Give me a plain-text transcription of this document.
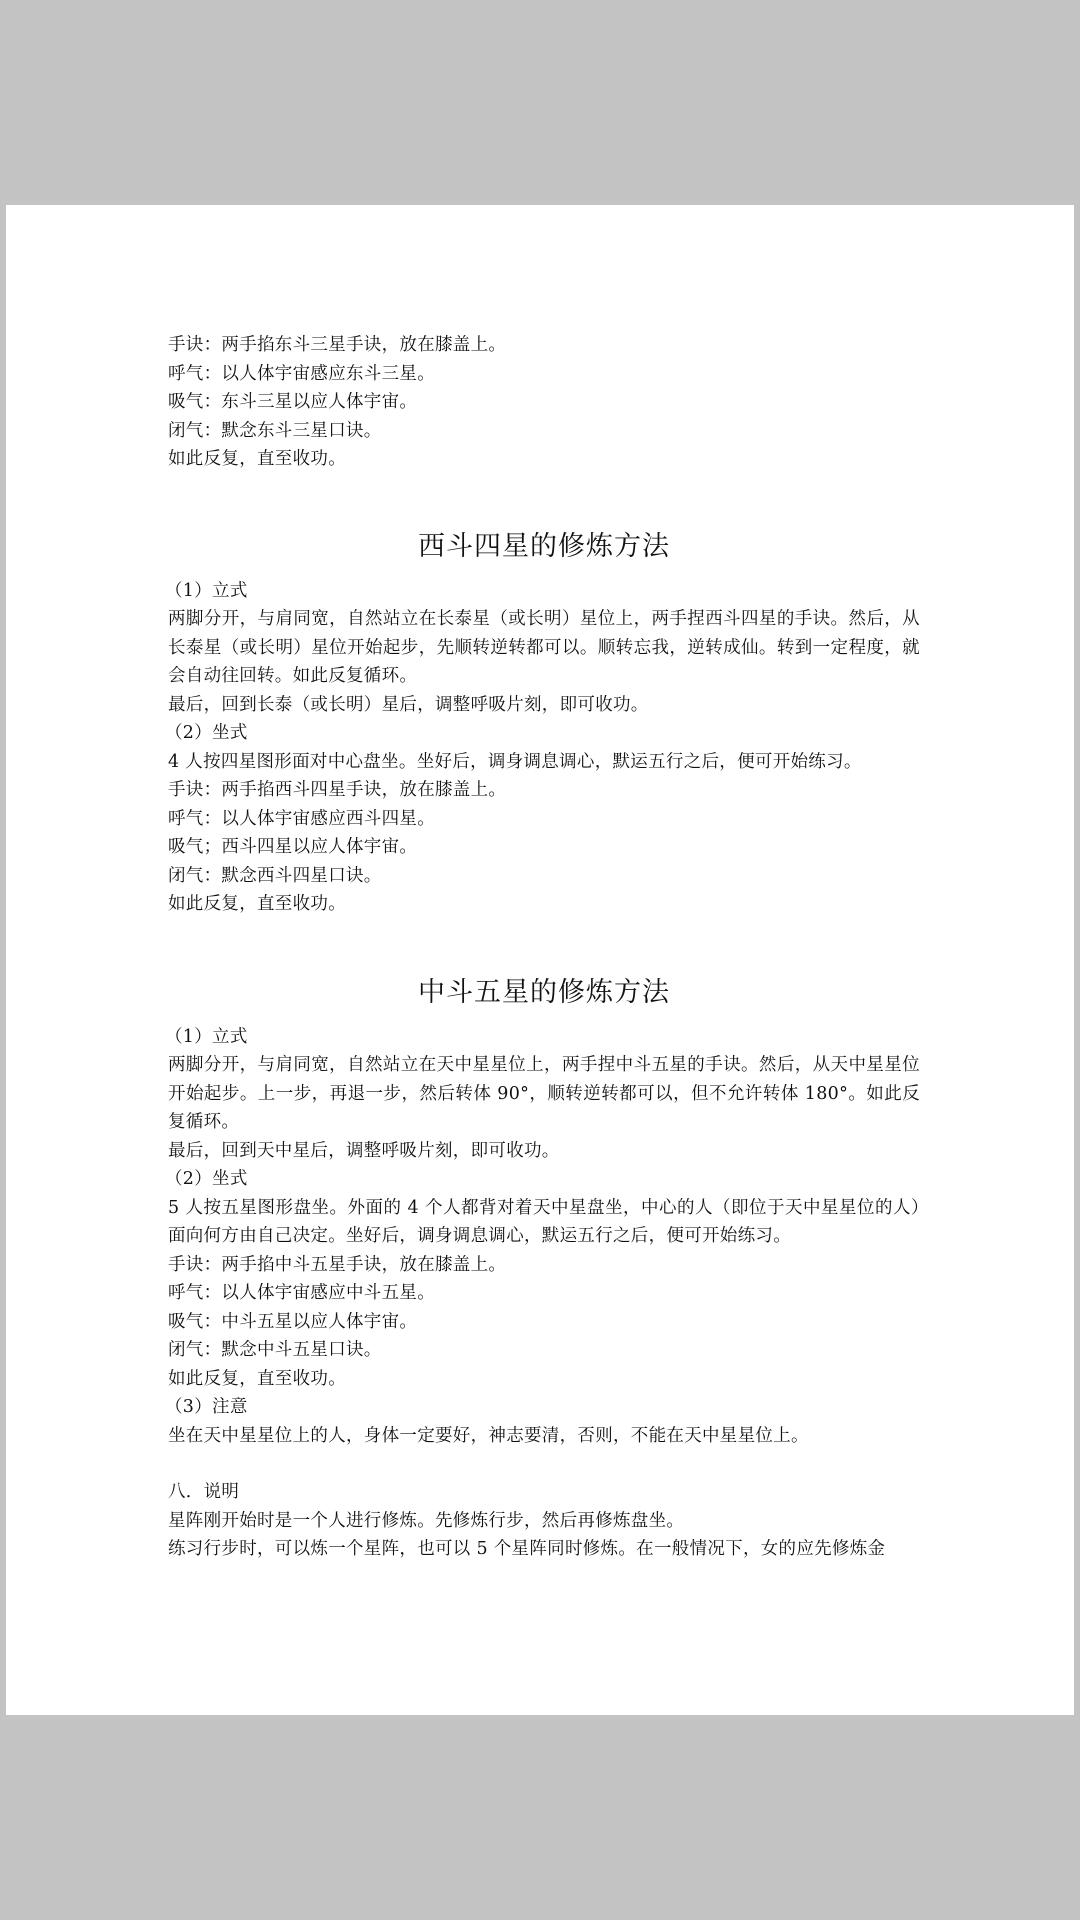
手诀：两手掐东斗三星手诀，放在膝盖上。
呼气：以人体宇宙感应东斗三星。
吸气：东斗三星以应人体宇宙。
闭气：默念东斗三星口诀。
如此反复，直至收功。
西斗四星的修炼方法
（1）立式
两脚分开，与肩同宽，自然站立在长泰星（或长明）星位上，两手捏西斗四星的手诀。然后，从长泰星（或长明）星位开始起步，先顺转逆转都可以。顺转忘我，逆转成仙。转到一定程度，就会自动往回转。如此反复循环。
最后，回到长泰（或长明）星后，调整呼吸片刻，即可收功。
（2）坐式
4 人按四星图形面对中心盘坐。坐好后，调身调息调心，默运五行之后，便可开始练习。
手诀：两手掐西斗四星手诀，放在膝盖上。
呼气：以人体宇宙感应西斗四星。
吸气；西斗四星以应人体宇宙。
闭气：默念西斗四星口诀。
如此反复，直至收功。
中斗五星的修炼方法
（1）立式
两脚分开，与肩同宽，自然站立在天中星星位上，两手捏中斗五星的手诀。然后，从天中星星位开始起步。上一步，再退一步，然后转体 90°，顺转逆转都可以，但不允许转体 180°。如此反复循环。
最后，回到天中星后，调整呼吸片刻，即可收功。
（2）坐式
5 人按五星图形盘坐。外面的 4 个人都背对着天中星盘坐，中心的人（即位于天中星星位的人）面向何方由自己决定。坐好后，调身调息调心，默运五行之后，便可开始练习。
手诀：两手掐中斗五星手诀，放在膝盖上。
呼气：以人体宇宙感应中斗五星。
吸气：中斗五星以应人体宇宙。
闭气：默念中斗五星口诀。
如此反复，直至收功。
（3）注意
坐在天中星星位上的人，身体一定要好，神志要清，否则，不能在天中星星位上。
八．说明
星阵刚开始时是一个人进行修炼。先修炼行步，然后再修炼盘坐。
练习行步时，可以炼一个星阵，也可以 5 个星阵同时修炼。在一般情况下，女的应先修炼金
